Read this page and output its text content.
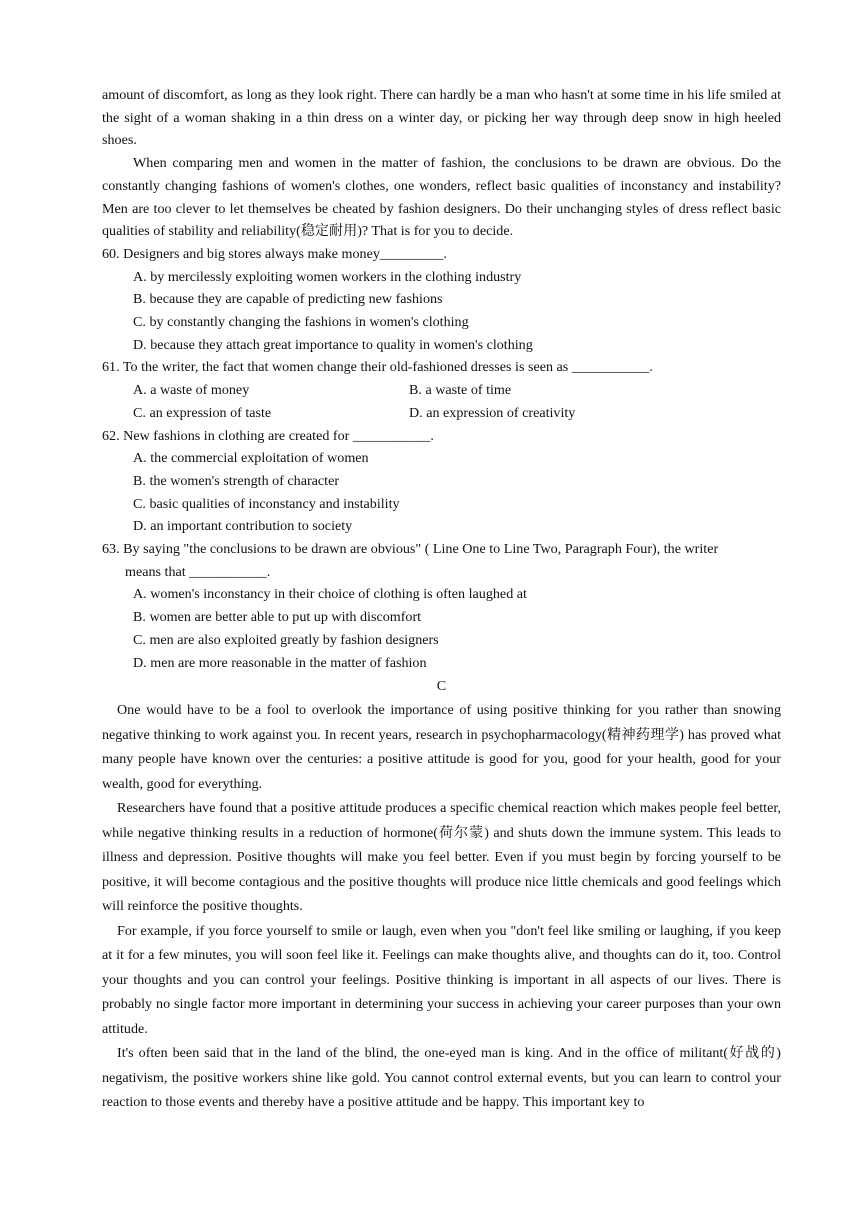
amount of discomfort, as long as they look right. There can hardly be a man who hasn't at some time in his life smiled at the sight of a woman shaking in a thin dress on a winter day, or picking her way through deep snow in high heeled shoes.

When comparing men and women in the matter of fashion, the conclusions to be drawn are obvious. Do the constantly changing fashions of women's clothes, one wonders, reflect basic qualities of inconstancy and instability? Men are too clever to let themselves be cheated by fashion designers. Do their unchanging styles of dress reflect basic qualities of stability and reliability(稳定耐用)? That is for you to decide.

60. Designers and big stores always make money_________.

A. by mercilessly exploiting women workers in the clothing industry

B. because they are capable of predicting new fashions

C. by constantly changing the fashions in women's clothing

D. because they attach great importance to quality in women's clothing

61. To the writer, the fact that women change their old-fashioned dresses is seen as ___________.

A. a waste of money	B. a waste of time
C. an expression of taste	D. an expression of creativity

62. New fashions in clothing are created for ___________.

A. the commercial exploitation of women

B. the women's strength of character

C. basic qualities of inconstancy and instability

D. an important contribution to society

63. By saying "the conclusions to be drawn are obvious" ( Line One to Line Two, Paragraph Four), the writer

means that ___________.

A. women's inconstancy in their choice of clothing is often laughed at

B. women are better able to put up with discomfort

C. men are also exploited greatly by fashion designers

D. men are more reasonable in the matter of fashion

C

One would have to be a fool to overlook the importance of using positive thinking for you rather than snowing negative thinking to work against you. In recent years, research in psychopharmacology(精神药理学) has proved what many people have known over the centuries: a positive attitude is good for you, good for your health, good for your wealth, good for everything.

Researchers have found that a positive attitude produces a specific chemical reaction which makes people feel better, while negative thinking results in a reduction of hormone(荷尔蒙) and shuts down the immune system. This leads to illness and depression. Positive thoughts will make you feel better. Even if you must begin by forcing yourself to be positive, it will become contagious and the positive thoughts will produce nice little chemicals and good feelings which will reinforce the positive thoughts.

For example, if you force yourself to smile or laugh, even when you "don't feel like smiling or laughing, if you keep at it for a few minutes, you will soon feel like it. Feelings can make thoughts alive, and thoughts can do it, too. Control your thoughts and you can control your feelings. Positive thinking is important in all aspects of our lives. There is probably no single factor more important in determining your success in achieving your career purposes than your own attitude.

It's often been said that in the land of the blind, the one-eyed man is king. And in the office of militant(好战的) negativism, the positive workers shine like gold. You cannot control external events, but you can learn to control your reaction to those events and thereby have a positive attitude and be happy. This important key to
